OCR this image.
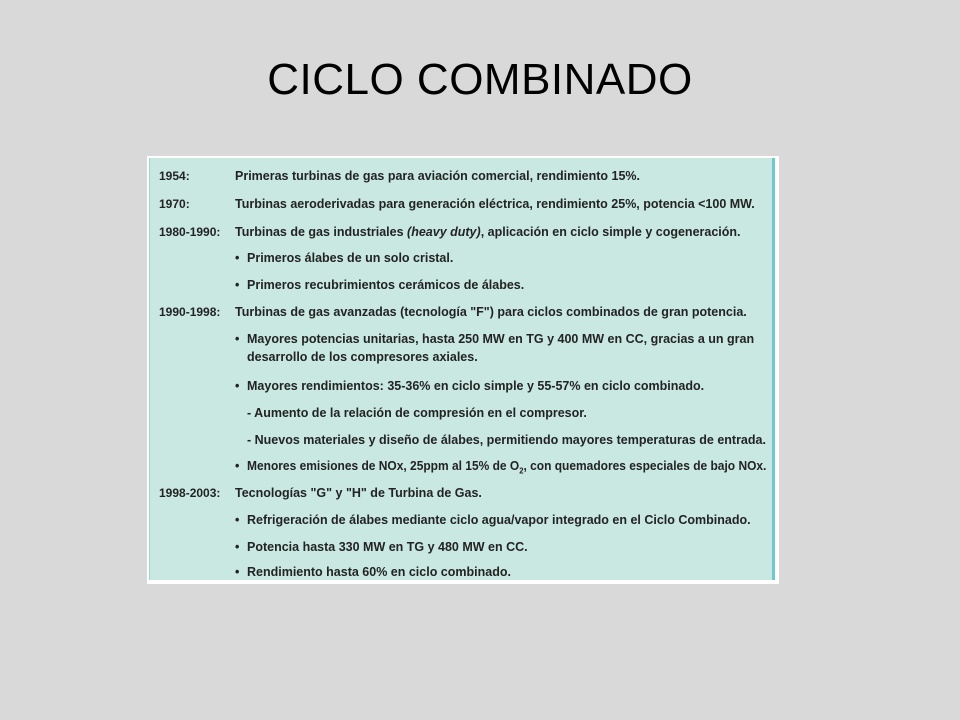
CICLO COMBINADO
1954:	Primeras turbinas de gas para aviación comercial, rendimiento 15%.
1970:	Turbinas aeroderivadas para generación eléctrica, rendimiento 25%, potencia <100 MW.
1980-1990:	Turbinas de gas industriales (heavy duty), aplicación en ciclo simple y cogeneración.
• Primeros álabes de un solo cristal.
• Primeros recubrimientos cerámicos de álabes.
1990-1998:	Turbinas de gas avanzadas (tecnología "F") para ciclos combinados de gran potencia.
• Mayores potencias unitarias, hasta 250 MW en TG y 400 MW en CC, gracias a un gran
desarrollo de los compresores axiales.
• Mayores rendimientos: 35-36% en ciclo simple y 55-57% en ciclo combinado.
- Aumento de la relación de compresión en el compresor.
- Nuevos materiales y diseño de álabes, permitiendo mayores temperaturas de entrada.
• Menores emisiones de NOx, 25ppm al 15% de $O_2$, con quemadores especiales de bajo NOx.
1998-2003:	Tecnologías "G" y "H" de Turbina de Gas.
• Refrigeración de álabes mediante ciclo agua/vapor integrado en el Ciclo Combinado.
• Potencia hasta 330 MW en TG y 480 MW en CC.
• Rendimiento hasta 60% en ciclo combinado.
